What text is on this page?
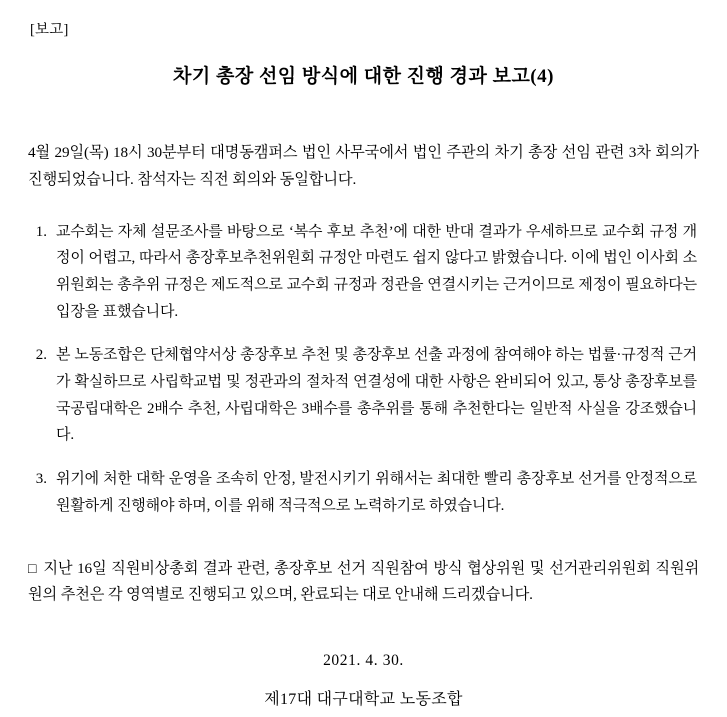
[보고]
차기 총장 선임 방식에 대한 진행 경과 보고(4)
4월 29일(목) 18시 30분부터 대명동캠퍼스 법인 사무국에서 법인 주관의 차기 총장 선임 관련 3차 회의가 진행되었습니다. 참석자는 직전 회의와 동일합니다.
1. 교수회는 자체 설문조사를 바탕으로 ‘복수 후보 추천’에 대한 반대 결과가 우세하므로 교수회 규정 개정이 어렵고, 따라서 총장후보추천위원회 규정안 마련도 쉽지 않다고 밝혔습니다. 이에 법인 이사회 소위원회는 총추위 규정은 제도적으로 교수회 규정과 정관을 연결시키는 근거이므로 제정이 필요하다는 입장을 표했습니다.
2. 본 노동조합은 단체협약서상 총장후보 추천 및 총장후보 선출 과정에 참여해야 하는 법률·규정적 근거가 확실하므로 사립학교법 및 정관과의 절차적 연결성에 대한 사항은 완비되어 있고, 통상 총장후보를 국공립대학은 2배수 추천, 사립대학은 3배수를 총추위를 통해 추천한다는 일반적 사실을 강조했습니다.
3. 위기에 처한 대학 운영을 조속히 안정, 발전시키기 위해서는 최대한 빨리 총장후보 선거를 안정적으로 원활하게 진행해야 하며, 이를 위해 적극적으로 노력하기로 하였습니다.
□ 지난 16일 직원비상총회 결과 관련, 총장후보 선거 직원참여 방식 협상위원 및 선거관리위원회 직원위원의 추천은 각 영역별로 진행되고 있으며, 완료되는 대로 안내해 드리겠습니다.
2021. 4. 30.
제17대 대구대학교 노동조합
